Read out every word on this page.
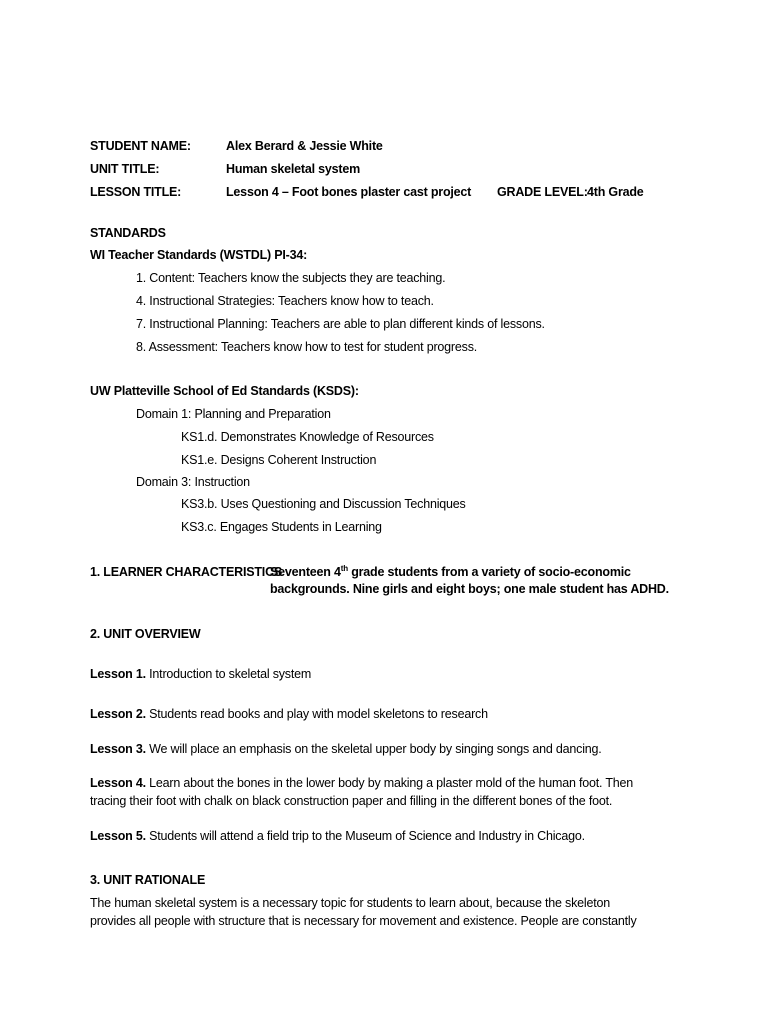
STUDENT NAME:	Alex Berard & Jessie White
UNIT TITLE:	Human skeletal system
LESSON TITLE:	Lesson 4 – Foot bones plaster cast project GRADE LEVEL: 4th Grade
STANDARDS
WI Teacher Standards (WSTDL) PI-34:
1. Content: Teachers know the subjects they are teaching.
4. Instructional Strategies: Teachers know how to teach.
7. Instructional Planning: Teachers are able to plan different kinds of lessons.
8. Assessment: Teachers know how to test for student progress.
UW Platteville School of Ed Standards (KSDS):
Domain 1: Planning and Preparation
KS1.d. Demonstrates Knowledge of Resources
KS1.e. Designs Coherent Instruction
Domain 3: Instruction
KS3.b. Uses Questioning and Discussion Techniques
KS3.c. Engages Students in Learning
1. LEARNER CHARACTERISTICS
Seventeen 4th grade students from a variety of socio-economic
backgrounds. Nine girls and eight boys; one male student has ADHD.
2. UNIT OVERVIEW
Lesson 1. Introduction to skeletal system
Lesson 2. Students read books and play with model skeletons to research
Lesson 3. We will place an emphasis on the skeletal upper body by singing songs and dancing.
Lesson 4. Learn about the bones in the lower body by making a plaster mold of the human foot. Then
tracing their foot with chalk on black construction paper and filling in the different bones of the foot.
Lesson 5. Students will attend a field trip to the Museum of Science and Industry in Chicago.
3. UNIT RATIONALE
The human skeletal system is a necessary topic for students to learn about, because the skeleton
provides all people with structure that is necessary for movement and existence. People are constantly
